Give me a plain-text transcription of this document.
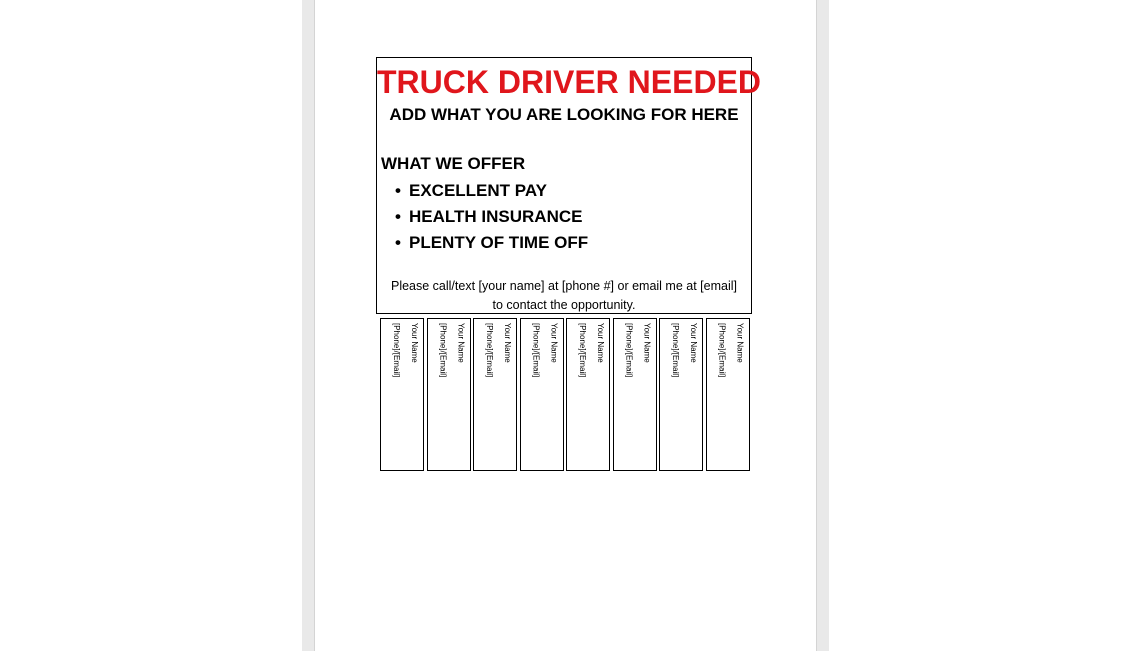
TRUCK DRIVER NEEDED
ADD WHAT YOU ARE LOOKING FOR HERE
WHAT WE OFFER
• EXCELLENT PAY
• HEALTH INSURANCE
• PLENTY OF TIME OFF
Please call/text [your name] at [phone #] or email me at [email] to contact the opportunity.
Your Name
[Phone]/[Email]	Your Name
[Phone]/[Email]	Your Name
[Phone]/[Email]	Your Name
[Phone]/[Email]	Your Name
[Phone]/[Email]	Your Name
[Phone]/[Email]	Your Name
[Phone]/[Email]	Your Name
[Phone]/[Email]
